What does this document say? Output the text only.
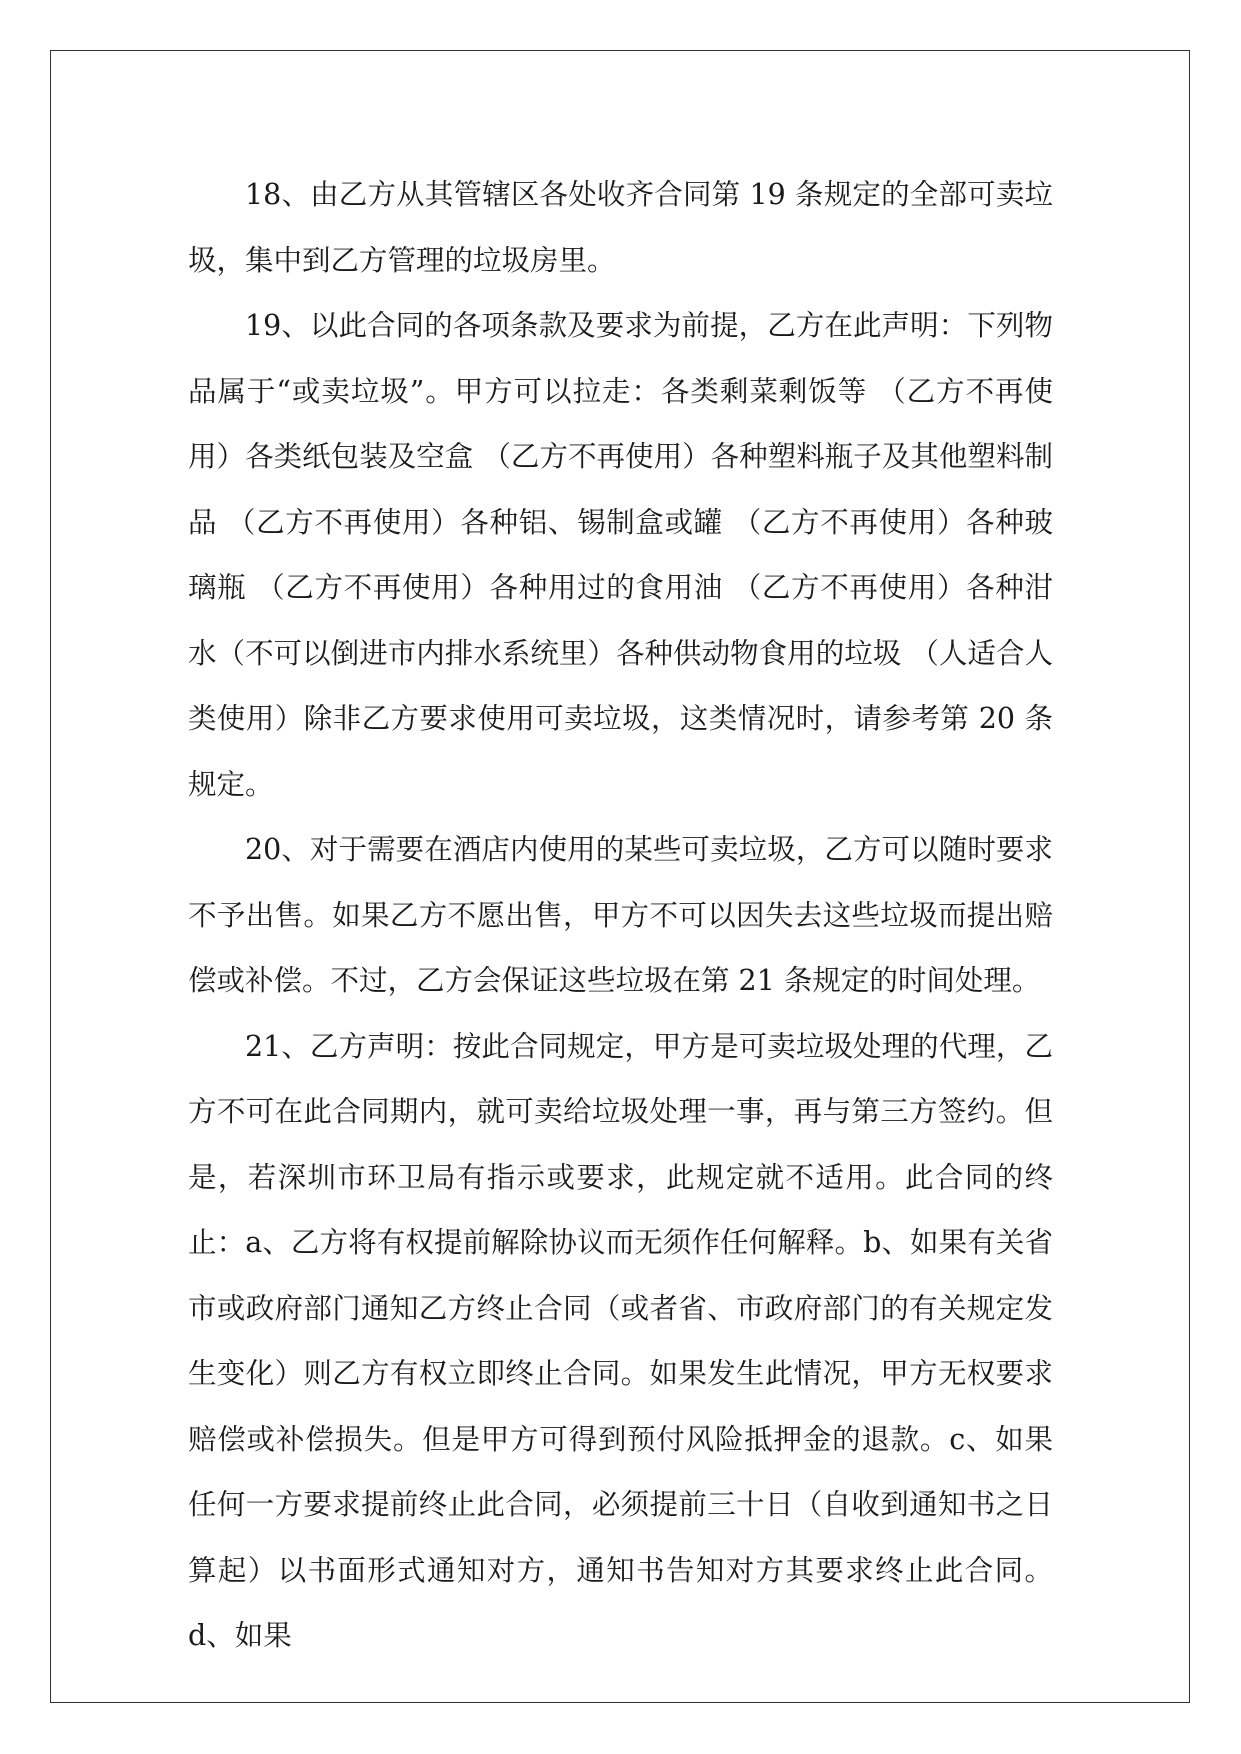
18、由乙方从其管辖区各处收齐合同第 19 条规定的全部可卖垃圾，集中到乙方管理的垃圾房里。

19、以此合同的各项条款及要求为前提，乙方在此声明：下列物品属于“或卖垃圾”。甲方可以拉走：各类剩菜剩饭等 （乙方不再使用）各类纸包装及空盒 （乙方不再使用）各种塑料瓶子及其他塑料制品 （乙方不再使用）各种铝、锡制盒或罐 （乙方不再使用）各种玻璃瓶 （乙方不再使用）各种用过的食用油 （乙方不再使用）各种泔水（不可以倒进市内排水系统里）各种供动物食用的垃圾 （人适合人类使用）除非乙方要求使用可卖垃圾，这类情况时，请参考第 20 条规定。

20、对于需要在酒店内使用的某些可卖垃圾，乙方可以随时要求不予出售。如果乙方不愿出售，甲方不可以因失去这些垃圾而提出赔偿或补偿。不过，乙方会保证这些垃圾在第 21 条规定的时间处理。

21、乙方声明：按此合同规定，甲方是可卖垃圾处理的代理，乙方不可在此合同期内，就可卖给垃圾处理一事，再与第三方签约。但是，若深圳市环卫局有指示或要求，此规定就不适用。此合同的终止：a、乙方将有权提前解除协议而无须作任何解释。b、如果有关省市或政府部门通知乙方终止合同（或者省、市政府部门的有关规定发生变化）则乙方有权立即终止合同。如果发生此情况，甲方无权要求赔偿或补偿损失。但是甲方可得到预付风险抵押金的退款。c、如果任何一方要求提前终止此合同，必须提前三十日（自收到通知书之日算起）以书面形式通知对方，通知书告知对方其要求终止此合同。d、如果
